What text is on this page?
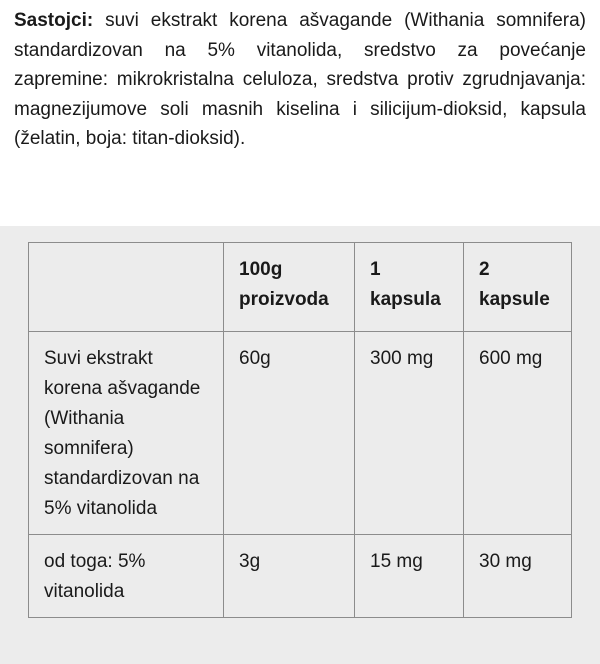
Sastojci: suvi ekstrakt korena ašvagande (Withania somnifera) standardizovan na 5% vitanolida, sredstvo za povećanje zapremine: mikrokristalna celuloza, sredstva protiv zgrudnjavanja: magnezijumove soli masnih kiselina i silicijum-dioksid, kapsula (želatin, boja: titan-dioksid).

	100g proizvoda	1 kapsula	2 kapsule
Suvi ekstrakt korena ašvagande (Withania somnifera) standardizovan na 5% vitanolida	60g	300 mg	600 mg
od toga: 5% vitanolida	3g	15 mg	30 mg
